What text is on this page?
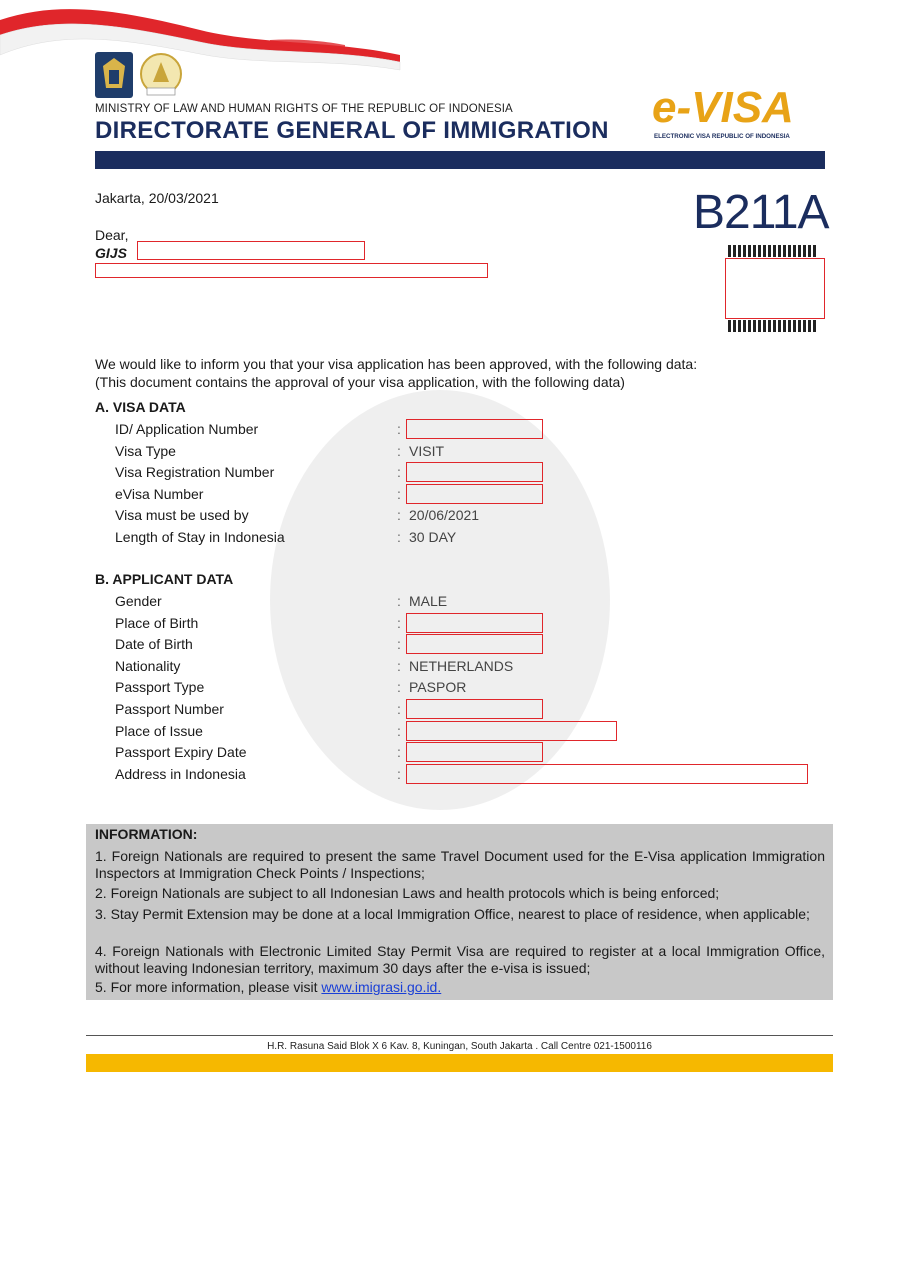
MINISTRY OF LAW AND HUMAN RIGHTS OF THE REPUBLIC OF INDONESIA
DIRECTORATE GENERAL OF IMMIGRATION e-VISA
ELECTRONIC VISA REPUBLIC OF INDONESIA
Jakarta, 20/03/2021
Dear,
GIJS
B211A
We would like to inform you that your visa application has been approved, with the following data:
(This document contains the approval of your visa application, with the following data)
A. VISA DATA
B. APPLICANT DATA
INFORMATION:
1. Foreign Nationals are required to present the same Travel Document used for the E-Visa application Immigration Inspectors at Immigration Check Points / Inspections;
2. Foreign Nationals are subject to all Indonesian Laws and health protocols which is being enforced;
3. Stay Permit Extension may be done at a local Immigration Office, nearest to place of residence, when applicable;
4. Foreign Nationals with Electronic Limited Stay Permit Visa are required to register at a local Immigration Office, without leaving Indonesian territory, maximum 30 days after the e-visa is issued;
5. For more information, please visit www.imigrasi.go.id.
H.R. Rasuna Said Blok X 6 Kav. 8, Kuningan, South Jakarta . Call Centre 021-1500116
ID/ Application Number	:
Visa Type	: VISIT
Visa Registration Number	:
eVisa Number	:
Visa must be used by	: 20/06/2021
Length of Stay in Indonesia	: 30 DAY
Gender	: MALE
Place of Birth	:
Date of Birth	:
Nationality	: NETHERLANDS
Passport Type	: PASPOR
Passport Number	:
Place of Issue	:
Passport Expiry Date	:
Address in Indonesia	:
